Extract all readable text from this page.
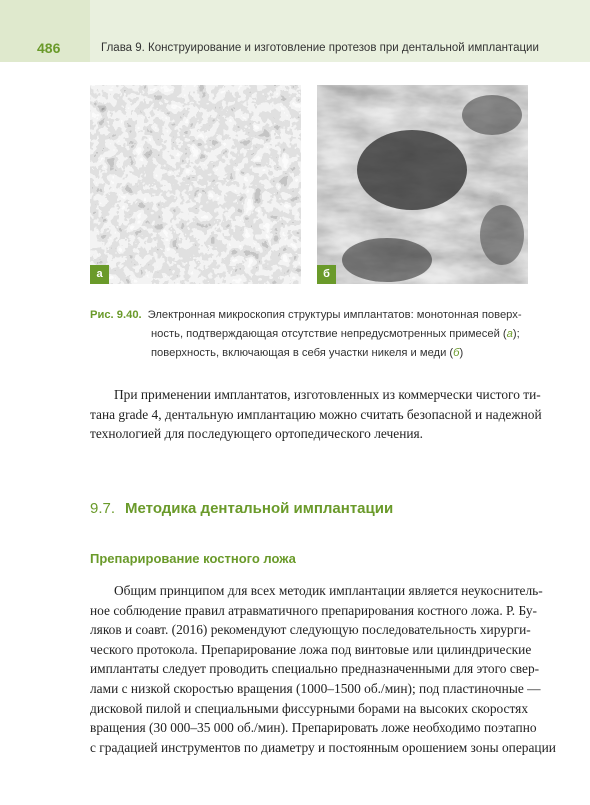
486	Глава 9. Конструирование и изготовление протезов при дентальной имплантации
а	б
Рис. 9.40. Электронная микроскопия структуры имплантатов: монотонная поверх-
ность, подтверждающая отсутствие непредусмотренных примесей (а);
поверхность, включающая в себя участки никеля и меди (б)
При применении имплантатов, изготовленных из коммерчески чистого ти-
тана grade 4, дентальную имплантацию можно считать безопасной и надежной
технологией для последующего ортопедического лечения.
9.7. Методика дентальной имплантации
Препарирование костного ложа
Общим принципом для всех методик имплантации является неукоснитель-
ное соблюдение правил атравматичного препарирования костного ложа. Р. Бу-
ляков и соавт. (2016) рекомендуют следующую последовательность хирурги-
ческого протокола. Препарирование ложа под винтовые или цилиндрические
имплантаты следует проводить специально предназначенными для этого свер-
лами с низкой скоростью вращения (1000–1500 об./мин); под пластиночные —
дисковой пилой и специальными фиссурными борами на высоких скоростях
вращения (30 000–35 000 об./мин). Препарировать ложе необходимо поэтапно
с градацией инструментов по диаметру и постоянным орошением зоны операции
